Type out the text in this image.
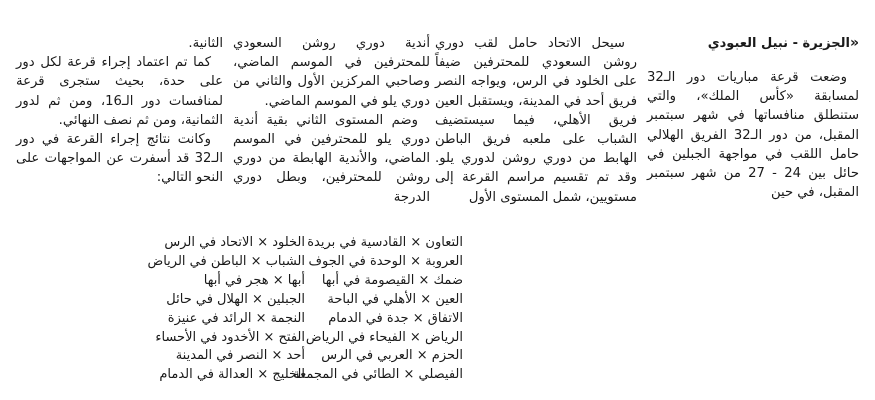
«الجزيرة - نبيل العبودي

وضعت قرعة مباريات دور الـ32 لمسابقة «كأس الملك»، والتي ستنطلق منافساتها في شهر سبتمبر المقبل، من دور الـ32 الفريق الهلالي حامل اللقب في مواجهة الجبلين في حائل بين 24 - 27 من شهر سبتمبر المقبل، في حين

سيحل الاتحاد حامل لقب دوري روشن السعودي للمحترفين ضيفاً على الخلود في الرس، ويواجه النصر فريق أحد في المدينة، ويستقبل العين فريق الأهلي، فيما سيستضيف الشباب على ملعبه فريق الباطن الهابط من دوري روشن لدوري يلو. وقد تم تقسيم مراسم القرعة إلى مستويين، شمل المستوى الأول

أندية دوري روشن السعودي للمحترفين في الموسم الماضي، وصاحبي المركزين الأول والثاني من دوري يلو في الموسم الماضي.

وضم المستوى الثاني بقية أندية دوري يلو للمحترفين في الموسم الماضي، والأندية الهابطة من دوري روشن للمحترفين، وبطل دوري الدرجة

الثانية.

كما تم اعتماد إجراء قرعة لكل دور على حدة، بحيث ستجرى قرعة لمنافسات دور الـ16، ومن ثم لدور الثمانية، ومن ثم نصف النهائي.

وكانت نتائج إجراء القرعة في دور الـ32 قد أسفرت عن المواجهات على النحو التالي:

التعاون × القادسية في بريدة
العروبة × الوحدة في الجوف
ضمك × القيصومة في أبها
العين × الأهلي في الباحة
الاتفاق × جدة في الدمام
الرياض × الفيحاء في الرياض
الحزم × العربي في الرس
الفيصلي × الطائي في المجمعة
الخلود × الاتحاد في الرس
الشباب × الباطن في الرياض
أبها × هجر في أبها
الجبلين × الهلال في حائل
النجمة × الرائد في عنيزة
الفتح × الأخدود في الأحساء
أحد × النصر في المدينة
الخليج × العدالة في الدمام
